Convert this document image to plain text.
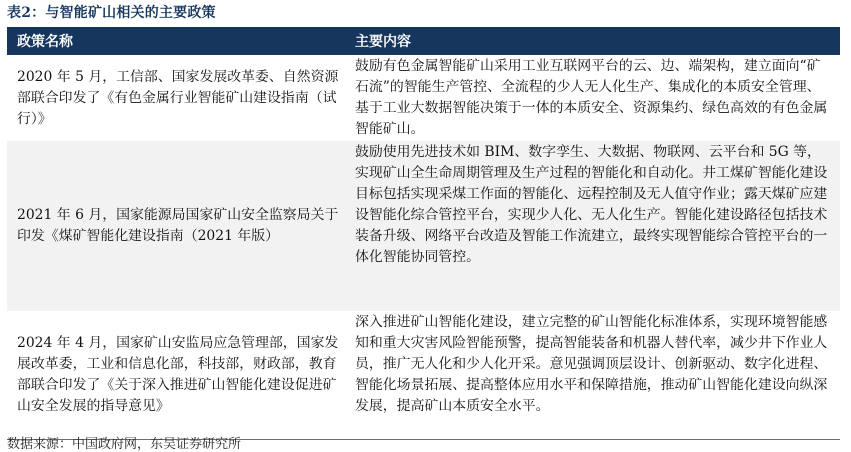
表2：与智能矿山相关的主要政策
政策名称	主要内容
2020 年 5 月，工信部、国家发展改革委、自然资源部联合印发了《有色金属行业智能矿山建设指南（试行）》	鼓励有色金属智能矿山采用工业互联网平台的云、边、端架构，建立面向“矿石流”的智能生产管控、全流程的少人无人化生产、集成化的本质安全管理、基于工业大数据智能决策于一体的本质安全、资源集约、绿色高效的有色金属智能矿山。
2021 年 6 月，国家能源局国家矿山安全监察局关于印发《煤矿智能化建设指南（2021 年版）	鼓励使用先进技术如 BIM、数字孪生、大数据、物联网、云平台和 5G 等，实现矿山全生命周期管理及生产过程的智能化和自动化。井工煤矿智能化建设目标包括实现采煤工作面的智能化、远程控制及无人值守作业；露天煤矿应建设智能化综合管控平台，实现少人化、无人化生产。智能化建设路径包括技术装备升级、网络平台改造及智能工作流建立，最终实现智能综合管控平台的一体化智能协同管控。
2024 年 4 月，国家矿山安监局应急管理部，国家发展改革委，工业和信息化部，科技部，财政部，教育部联合印发了《关于深入推进矿山智能化建设促进矿山安全发展的指导意见》	深入推进矿山智能化建设，建立完整的矿山智能化标准体系，实现环境智能感知和重大灾害风险智能预警，提高智能装备和机器人替代率，减少井下作业人员，推广无人化和少人化开采。意见强调顶层设计、创新驱动、数字化进程、智能化场景拓展、提高整体应用水平和保障措施，推动矿山智能化建设向纵深发展，提高矿山本质安全水平。
数据来源：中国政府网，东吴证券研究所
